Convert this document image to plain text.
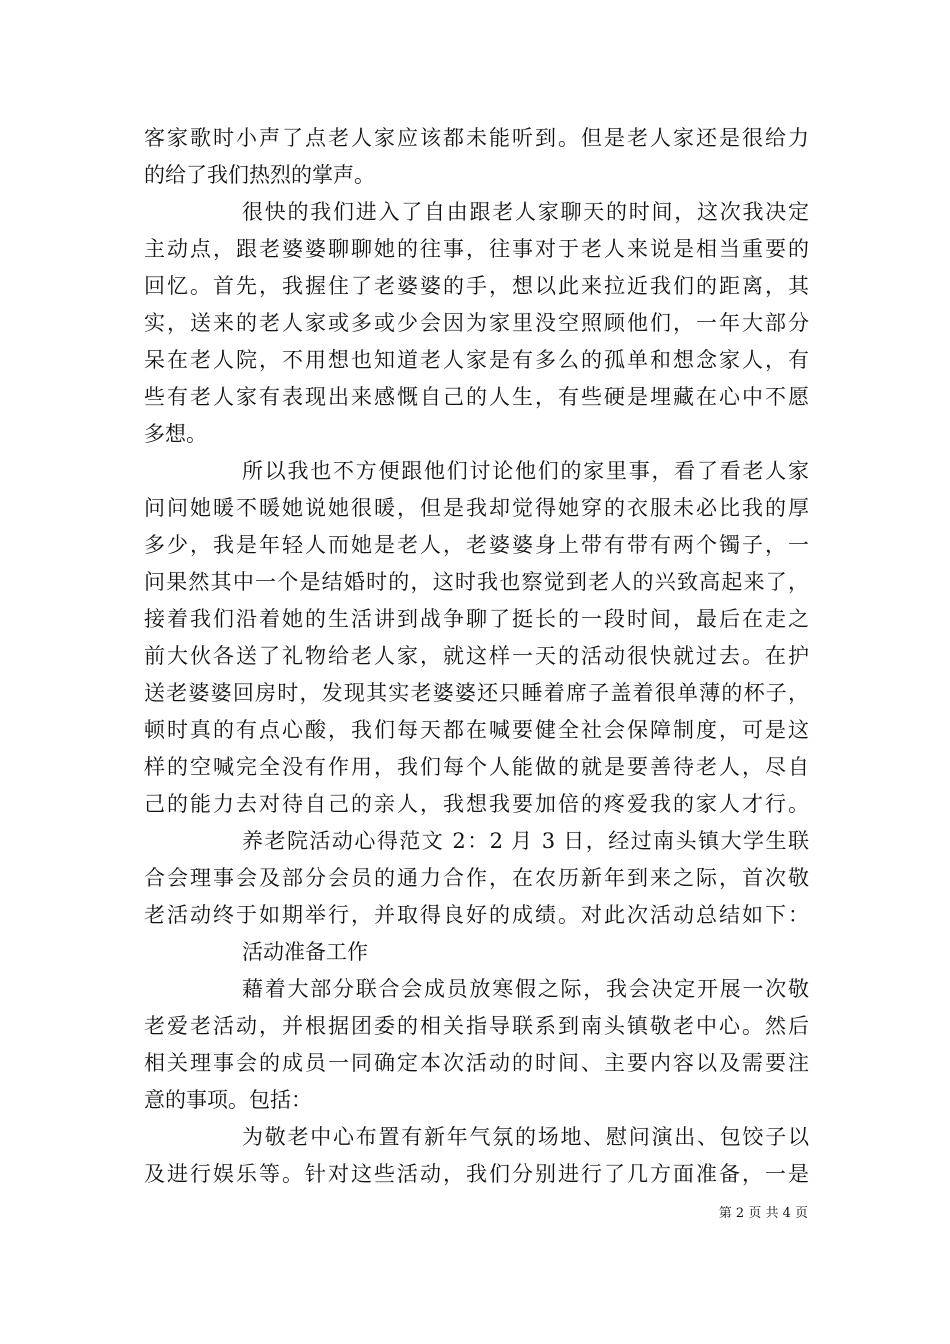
客家歌时小声了点老人家应该都未能听到。但是老人家还是很给力
的给了我们热烈的掌声。
很快的我们进入了自由跟老人家聊天的时间，这次我决定
主动点，跟老婆婆聊聊她的往事，往事对于老人来说是相当重要的
回忆。首先，我握住了老婆婆的手，想以此来拉近我们的距离，其
实，送来的老人家或多或少会因为家里没空照顾他们，一年大部分
呆在老人院，不用想也知道老人家是有多么的孤单和想念家人，有
些有老人家有表现出来感慨自己的人生，有些硬是埋藏在心中不愿
多想。
所以我也不方便跟他们讨论他们的家里事，看了看老人家
问问她暖不暖她说她很暖，但是我却觉得她穿的衣服未必比我的厚
多少，我是年轻人而她是老人，老婆婆身上带有带有两个镯子，一
问果然其中一个是结婚时的，这时我也察觉到老人的兴致高起来了，
接着我们沿着她的生活讲到战争聊了挺长的一段时间，最后在走之
前大伙各送了礼物给老人家，就这样一天的活动很快就过去。在护
送老婆婆回房时，发现其实老婆婆还只睡着席子盖着很单薄的杯子，
顿时真的有点心酸，我们每天都在喊要健全社会保障制度，可是这
样的空喊完全没有作用，我们每个人能做的就是要善待老人，尽自
己的能力去对待自己的亲人，我想我要加倍的疼爱我的家人才行。
养老院活动心得范文 2：2 月 3 日，经过南头镇大学生联
合会理事会及部分会员的通力合作，在农历新年到来之际，首次敬
老活动终于如期举行，并取得良好的成绩。对此次活动总结如下：
活动准备工作
藉着大部分联合会成员放寒假之际，我会决定开展一次敬
老爱老活动，并根据团委的相关指导联系到南头镇敬老中心。然后
相关理事会的成员一同确定本次活动的时间、主要内容以及需要注
意的事项。包括：
为敬老中心布置有新年气氛的场地、慰问演出、包饺子以
及进行娱乐等。针对这些活动，我们分别进行了几方面准备，一是
第 2 页 共 4 页
